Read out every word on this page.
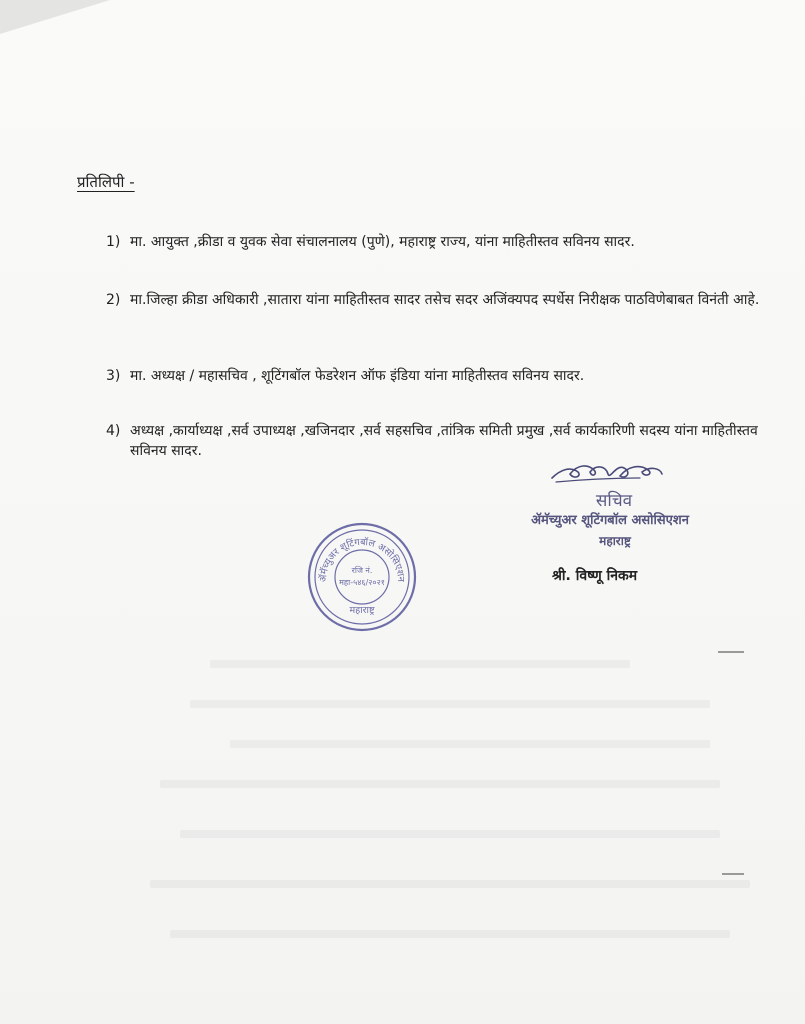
प्रतिलिपी -
1) मा. आयुक्त ,क्रीडा व युवक सेवा संचालनालय (पुणे), महाराष्ट्र राज्य, यांना माहितीस्तव सविनय सादर.
2) मा.जिल्हा क्रीडा अधिकारी ,सातारा यांना माहितीस्तव सादर तसेच सदर अजिंक्यपद स्पर्धेस निरीक्षक पाठविणेबाबत विनंती आहे.
3) मा. अध्यक्ष / महासचिव , शूटिंगबॉल फेडरेशन ऑफ इंडिया यांना माहितीस्तव सविनय सादर.
4) अध्यक्ष ,कार्याध्यक्ष ,सर्व उपाध्यक्ष ,खजिनदार ,सर्व सहसचिव ,तांत्रिक समिती प्रमुख ,सर्व कार्यकारिणी सदस्य यांना माहितीस्तव सविनय सादर.
सचिव
ॲमॅच्युअर शूटिंगबॉल असोसिएशन
महाराष्ट्र
श्री. विष्णू निकम
ॲमॅच्युअर शूटिंगबॉल असोसिएशन
रजि नं.
महा-५४६/२०२१
महाराष्ट्र
